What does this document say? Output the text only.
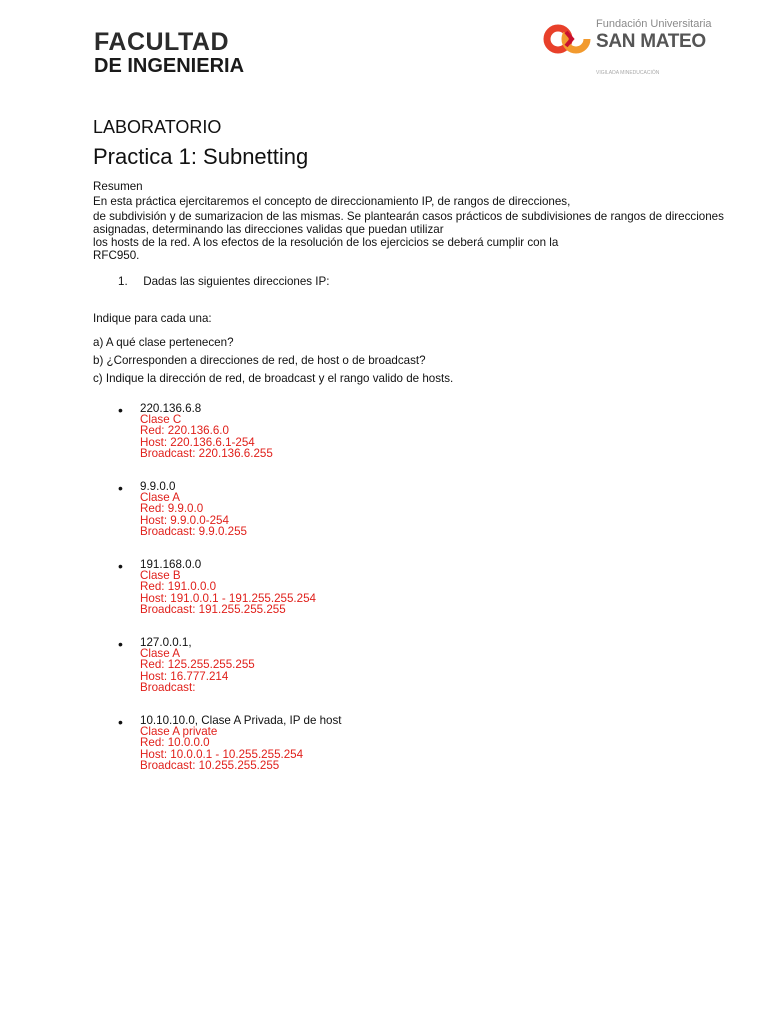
FACULTAD
DE INGENIERIA
Fundación Universitaria
SAN MATEO
VIGILADA MINEDUCACIÓN
LABORATORIO
Practica 1: Subnetting
Resumen
En esta práctica ejercitaremos el concepto de direccionamiento IP, de rangos de direcciones,
de subdivisión y de sumarizacion de las mismas. Se plantearán casos prácticos de subdivisiones de rangos de direcciones
asignadas, determinando las direcciones validas que puedan utilizar
los hosts de la red. A los efectos de la resolución de los ejercicios se deberá cumplir con la
RFC950.
1. Dadas las siguientes direcciones IP:
Indique para cada una:
a) A qué clase pertenecen?
b) ¿Corresponden a direcciones de red, de host o de broadcast?
c) Indique la dirección de red, de broadcast y el rango valido de hosts.
• 220.136.6.8
Clase C
Red: 220.136.6.0
Host: 220.136.6.1-254
Broadcast: 220.136.6.255
• 9.9.0.0
Clase A
Red: 9.9.0.0
Host: 9.9.0.0-254
Broadcast: 9.9.0.255
• 191.168.0.0
Clase B
Red: 191.0.0.0
Host: 191.0.0.1 - 191.255.255.254
Broadcast: 191.255.255.255
• 127.0.0.1,
Clase A
Red: 125.255.255.255
Host: 16.777.214
Broadcast:
• 10.10.10.0, Clase A Privada, IP de host
Clase A private
Red: 10.0.0.0
Host: 10.0.0.1 - 10.255.255.254
Broadcast: 10.255.255.255
